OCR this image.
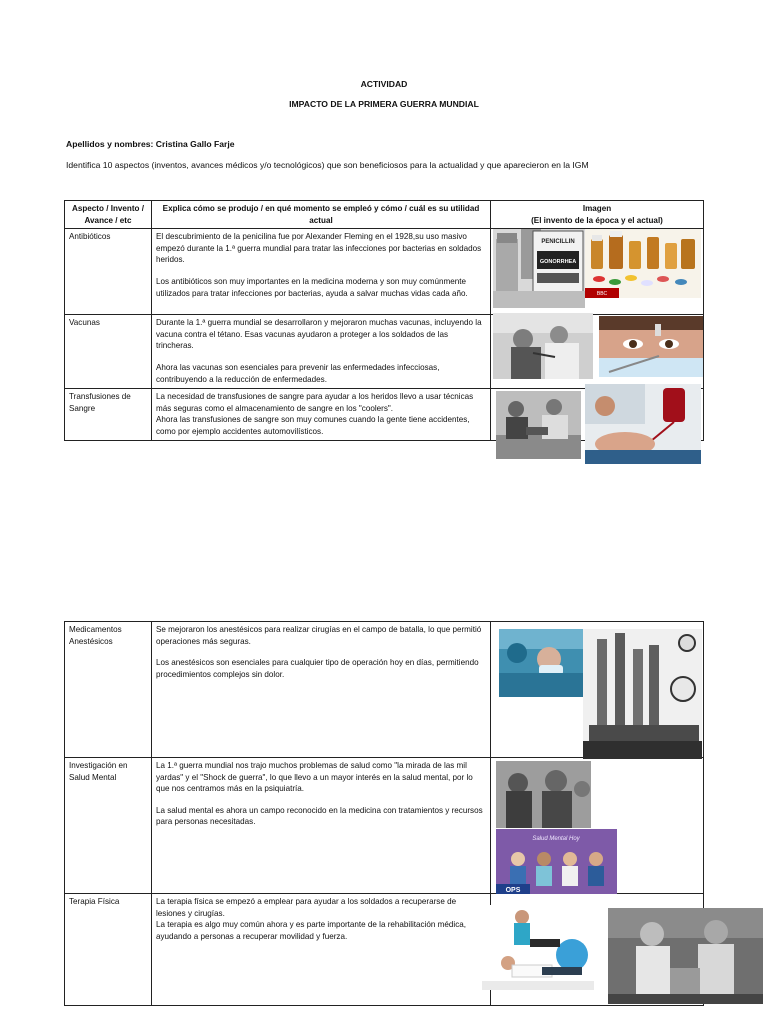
ACTIVIDAD
IMPACTO DE LA PRIMERA GUERRA MUNDIAL
Apellidos y nombres: Cristina Gallo Farje
Identifica 10 aspectos (inventos, avances médicos y/o tecnológicos) que son beneficiosos para la actualidad y que aparecieron en la IGM
Aspecto / Invento / Avance / etc	Explica cómo se produjo / en qué momento se empleó y cómo / cuál es su utilidad actual	Imagen
(El invento de la época y el actual)

Antibióticos	El descubrimiento de la penicilina fue por Alexander Fleming en el 1928,su uso masivo empezó durante la 1.ª guerra mundial para tratar las infecciones por bacterias en soldados heridos.
Los antibióticos son muy importantes en la medicina moderna y son muy comúnmente utilizados para tratar infecciones por bacterias, ayuda a salvar muchas vidas cada año.	

Vacunas	Durante la 1.ª guerra mundial se desarrollaron y mejoraron muchas vacunas, incluyendo la vacuna contra el tétano. Esas vacunas ayudaron a proteger a los soldados de las trincheras.
Ahora las vacunas son esenciales para prevenir las enfermedades infecciosas, contribuyendo a la reducción de enfermedades.	

Transfusiones de Sangre	La necesidad de transfusiones de sangre para ayudar a los heridos llevo a usar técnicas más seguras como el almacenamiento de sangre en los "coolers".
Ahora las transfusiones de sangre son muy comunes cuando la gente tiene accidentes, como por ejemplo accidentes automovilísticos.	

Medicamentos Anestésicos	Se mejoraron los anestésicos para realizar cirugías en el campo de batalla, lo que permitió operaciones más seguras.
Los anestésicos son esenciales para cualquier tipo de operación hoy en días, permitiendo procedimientos complejos sin dolor.	

Investigación en Salud Mental	La 1.ª guerra mundial nos trajo muchos problemas de salud como "la mirada de las mil yardas" y el "Shock de guerra", lo que llevo a un mayor interés en la salud mental, por lo que nos centramos más en la psiquiatría.
La salud mental es ahora un campo reconocido en la medicina con tratamientos y recursos para personas necesitadas.	

Terapia Física	La terapia física se empezó a emplear para ayudar a los soldados a recuperarse de lesiones y cirugías.
La terapia es algo muy común ahora y es parte importante de la rehabilitación médica, ayudando a personas a recuperar movilidad y fuerza.	

PENICILLIN
GONORRHEA
BBC
Salud Mental Hoy
OPS
